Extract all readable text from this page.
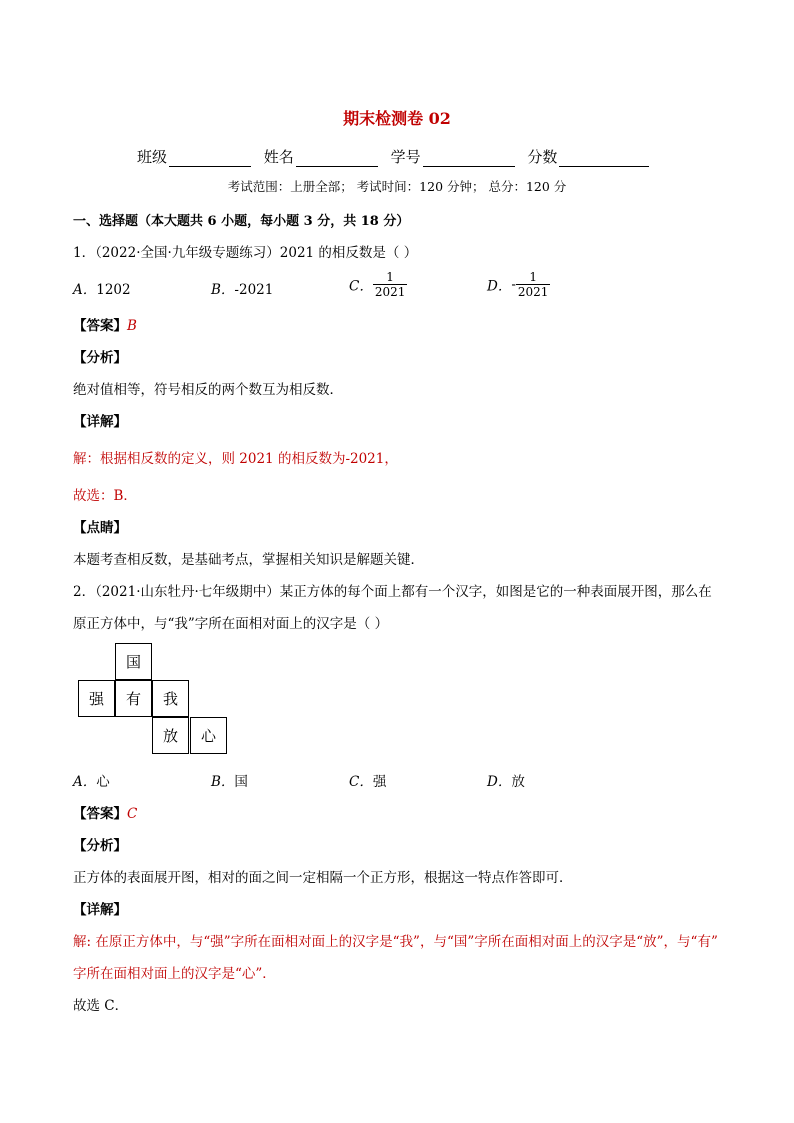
期末检测卷 02
班级	姓名	学号	分数
考试范围：上册全部； 考试时间：120 分钟； 总分：120 分
一、选择题（本大题共 6 小题，每小题 3 分，共 18 分）
1．（2022·全国·九年级专题练习）2021 的相反数是（ ）
A．1202	B．-2021	C． $\frac{1}{2021}$	D．- $\frac{1}{2021}$
【答案】B
【分析】
绝对值相等，符号相反的两个数互为相反数．
【详解】
解：根据相反数的定义，则 2021 的相反数为-2021，
故选：B．
【点睛】
本题考查相反数，是基础考点，掌握相关知识是解题关键．
2．（2021·山东牡丹·七年级期中）某正方体的每个面上都有一个汉字，如图是它的一种表面展开图，那么在
原正方体中，与“我”字所在面相对面上的汉字是（ ）
国
强	有	我
放	心
A．心	B．国	C．强	D．放
【答案】C
【分析】
正方体的表面展开图，相对的面之间一定相隔一个正方形，根据这一特点作答即可．
【详解】
解: 在原正方体中，与“强”字所在面相对面上的汉字是“我”，与“国”字所在面相对面上的汉字是“放”，与“有”
字所在面相对面上的汉字是“心”．
故选 C．
